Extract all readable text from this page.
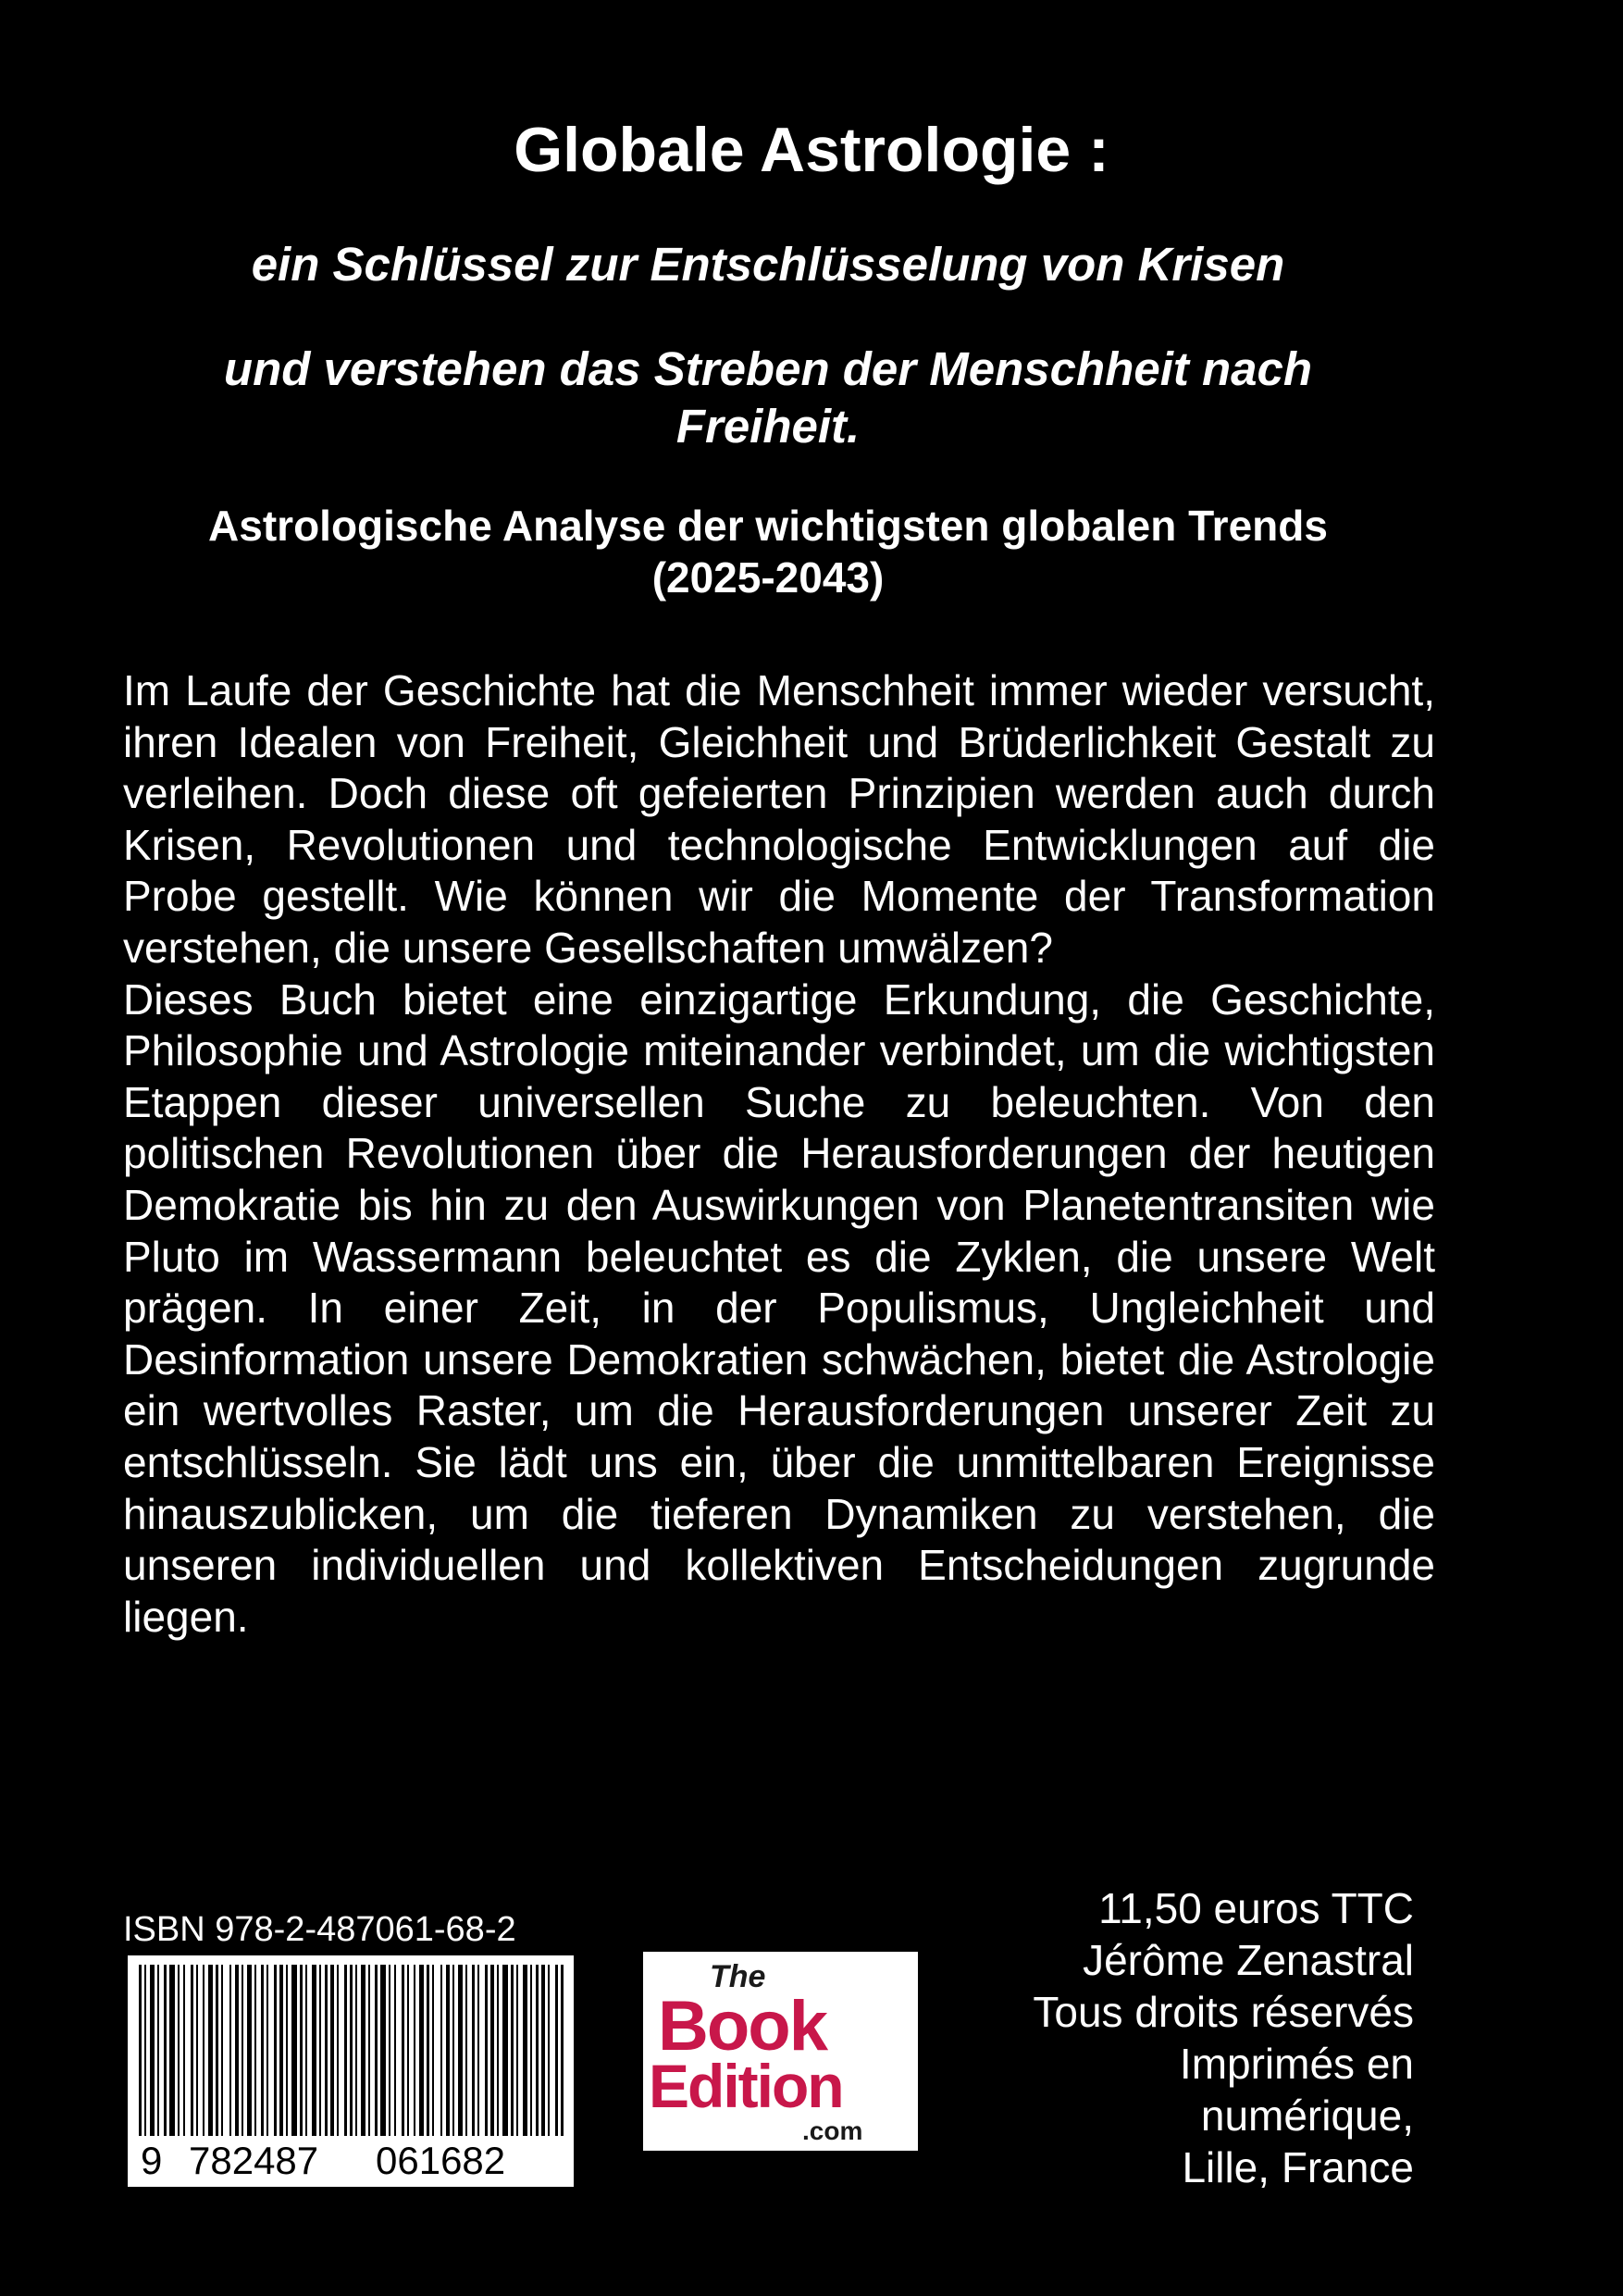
Globale Astrologie :
ein Schlüssel zur Entschlüsselung von Krisen
und verstehen das Streben der Menschheit nach Freiheit.
Astrologische Analyse der wichtigsten globalen Trends (2025-2043)

Im Laufe der Geschichte hat die Menschheit immer wieder versucht, ihren Idealen von Freiheit, Gleichheit und Brüderlichkeit Gestalt zu verleihen. Doch diese oft gefeierten Prinzipien werden auch durch Krisen, Revolutionen und technologische Entwicklungen auf die Probe gestellt. Wie können wir die Momente der Transformation verstehen, die unsere Gesellschaften umwälzen?

Dieses Buch bietet eine einzigartige Erkundung, die Geschichte, Philosophie und Astrologie miteinander verbindet, um die wichtigsten Etappen dieser universellen Suche zu beleuchten. Von den politischen Revolutionen über die Herausforderungen der heutigen Demokratie bis hin zu den Auswirkungen von Planetentransiten wie Pluto im Wassermann beleuchtet es die Zyklen, die unsere Welt prägen. In einer Zeit, in der Populismus, Ungleichheit und Desinformation unsere Demokratien schwächen, bietet die Astrologie ein wertvolles Raster, um die Herausforderungen unserer Zeit zu entschlüsseln. Sie lädt uns ein, über die unmittelbaren Ereignisse hinauszublicken, um die tieferen Dynamiken zu verstehen, die unseren individuellen und kollektiven Entscheidungen zugrunde liegen.

ISBN 978-2-487061-68-2
9 782487 061682
The
Book
Edition
.com
11,50 euros TTC
Jérôme Zenastral
Tous droits réservés
Imprimés en
numérique,
Lille, France
